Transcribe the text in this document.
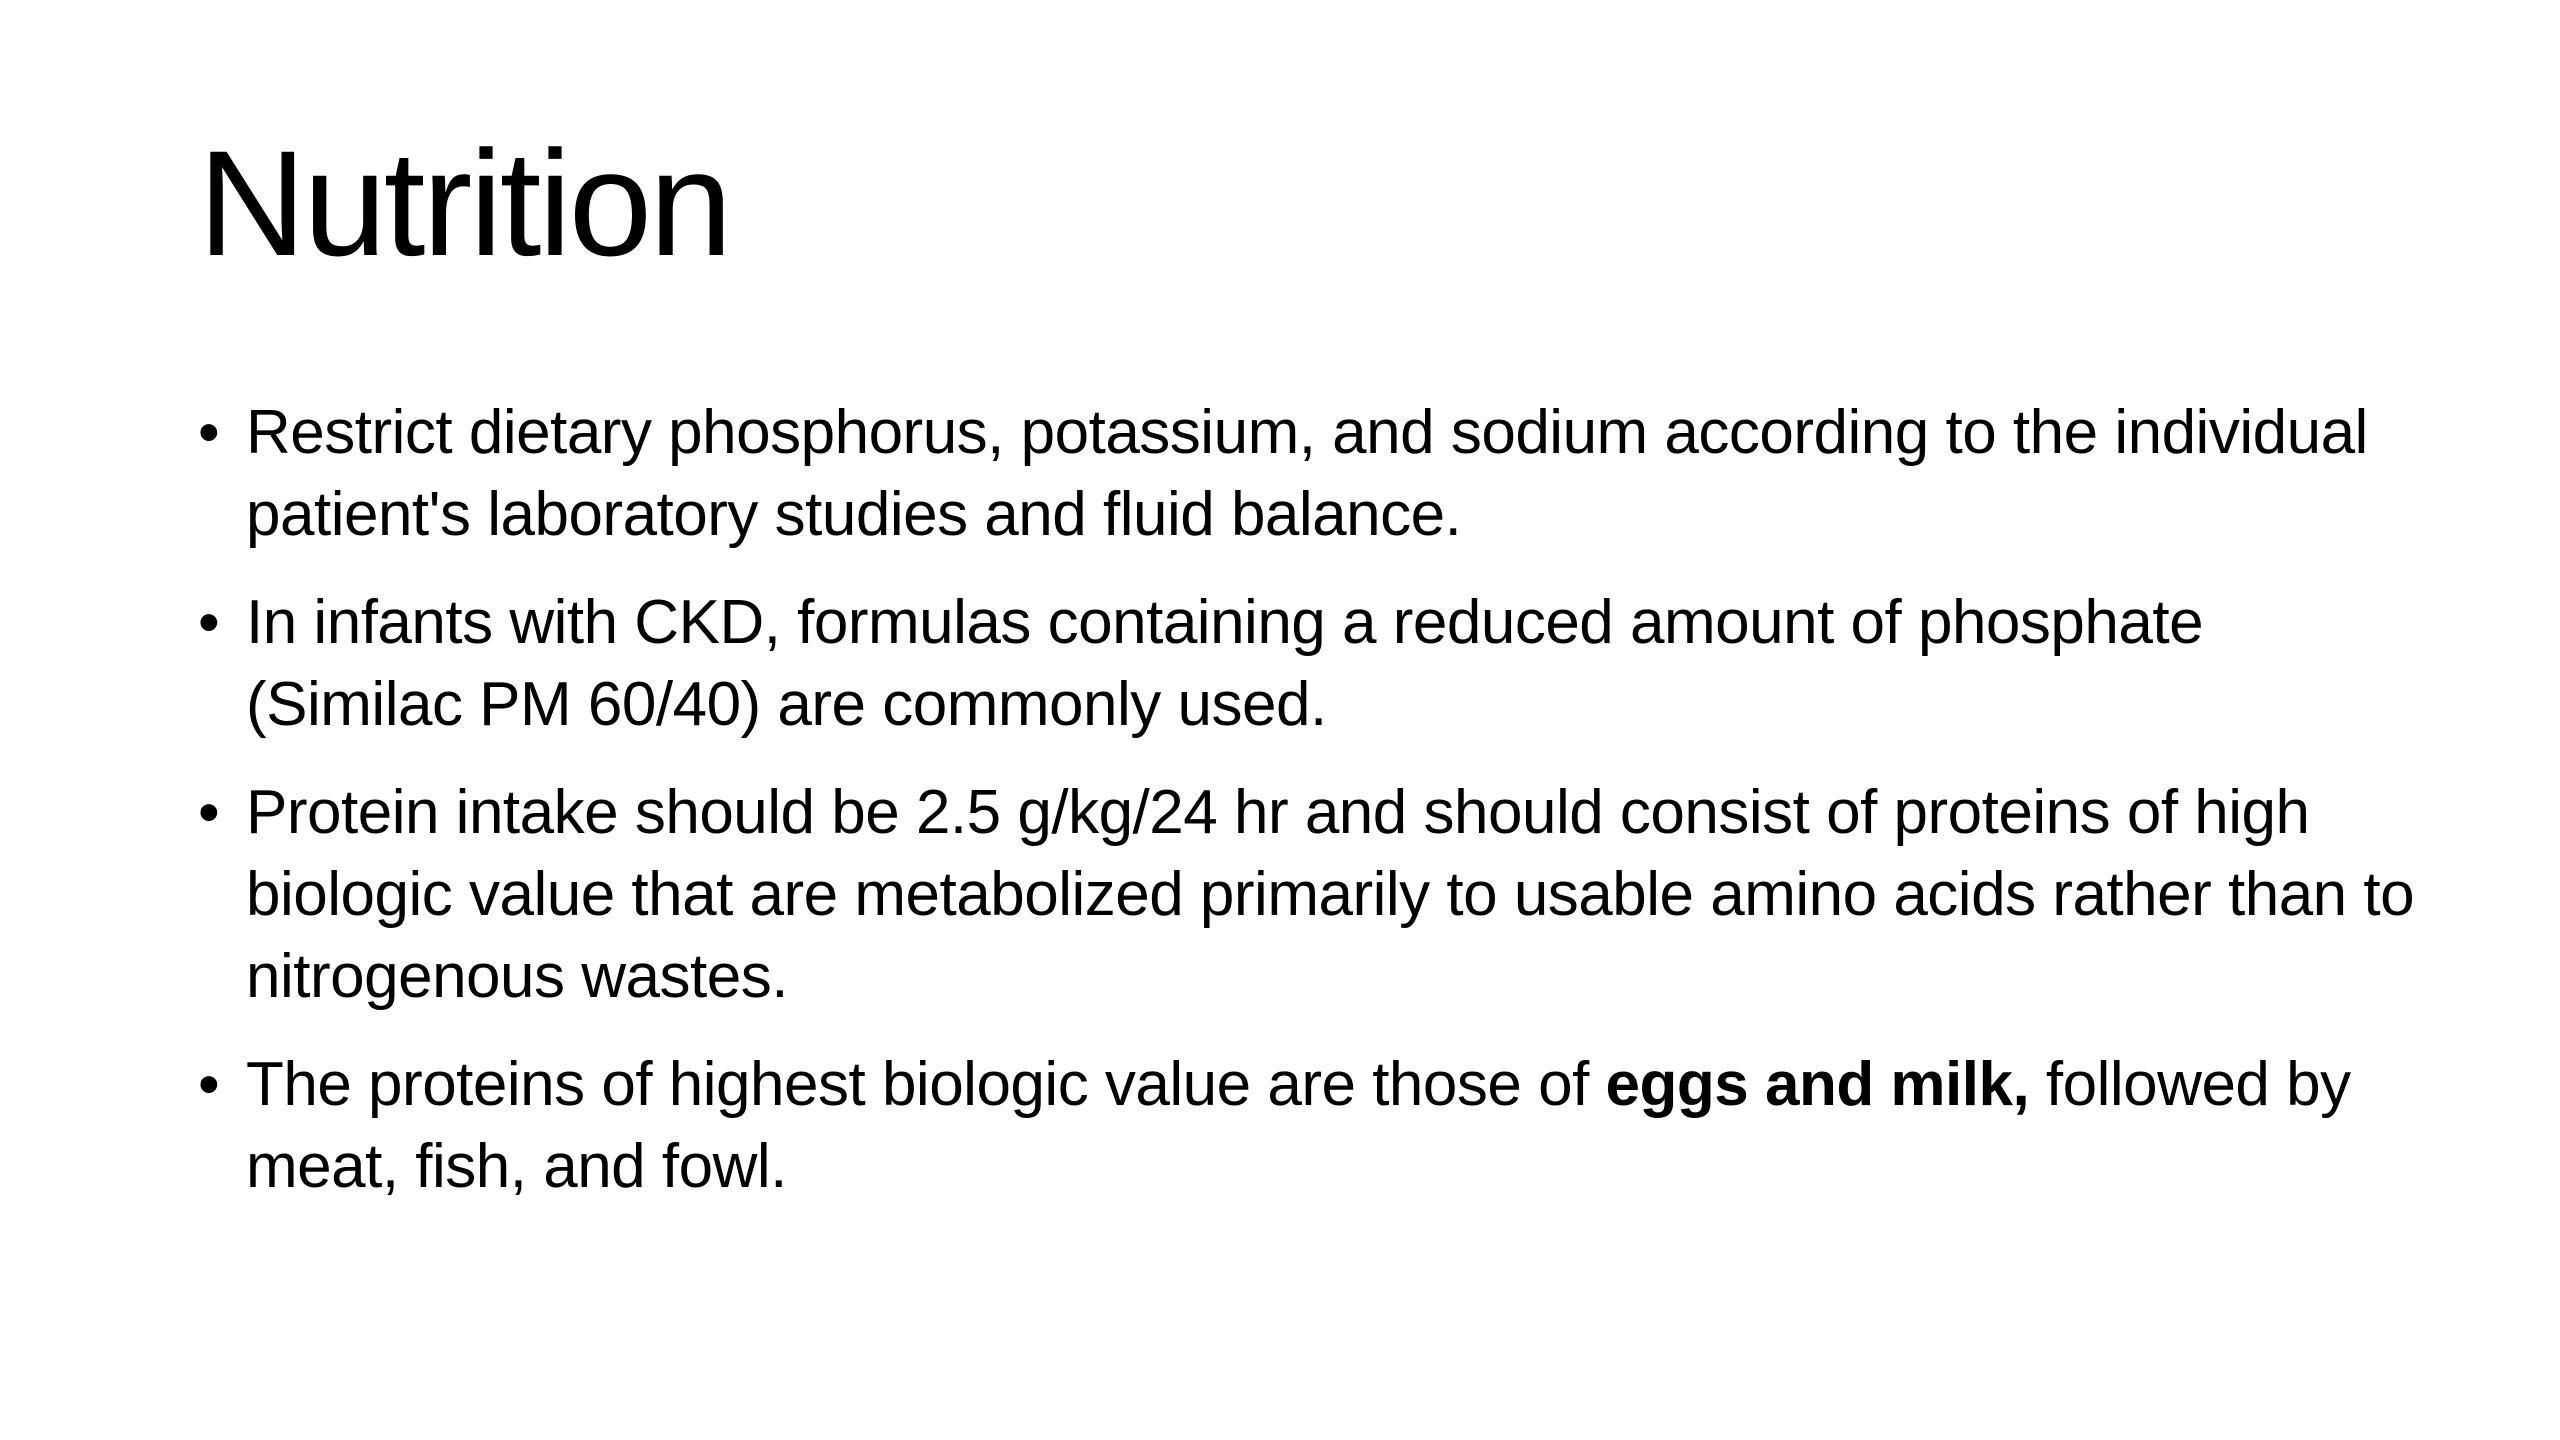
Nutrition
• Restrict dietary phosphorus, potassium, and sodium according to the individual patient's laboratory studies and fluid balance.
• In infants with CKD, formulas containing a reduced amount of phosphate (Similac PM 60/40) are commonly used.
• Protein intake should be 2.5 g/kg/24 hr and should consist of proteins of high biologic value that are metabolized primarily to usable amino acids rather than to nitrogenous wastes.
• The proteins of highest biologic value are those of eggs and milk, followed by meat, fish, and fowl.
